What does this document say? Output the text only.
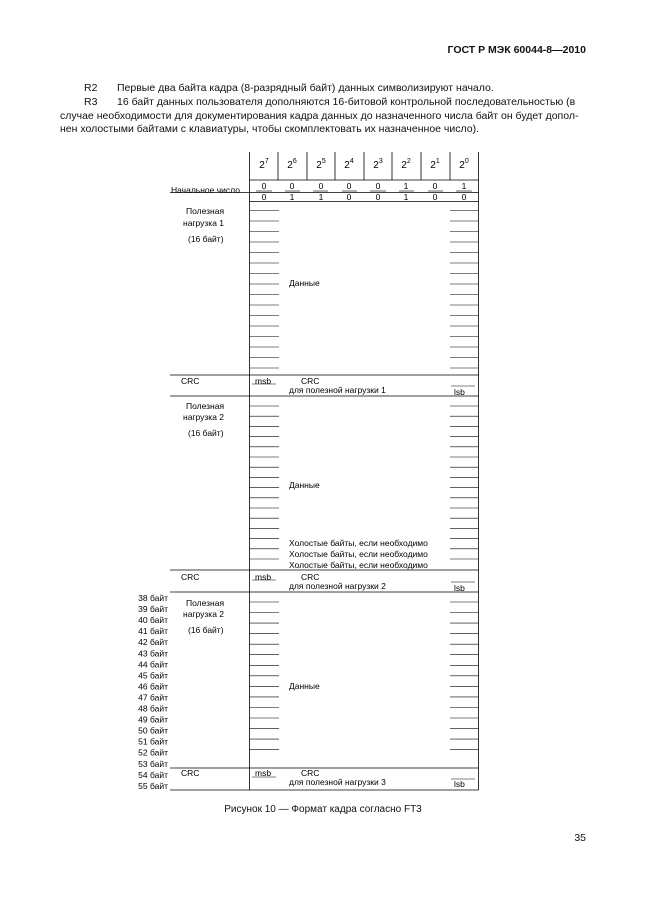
ГОСТ Р МЭК 60044-8—2010
R2 Первые два байта кадра (8-разрядный байт) данных символизируют начало.
R3 16 байт данных пользователя дополняются 16-битовой контрольной последовательностью (в
случае необходимости для документирования кадра данных до назначенного числа байт он будет допол-
нен холостыми байтами с клавиатуры, чтобы скомплектовать их назначенное число).
$2^7$ $2^6$ $2^5$ $2^4$ $2^3$ $2^2$ $2^1$ $2^0$
Начальное число	0	0	0	0	0	1	0	1
0	1	1	0	0	1	0	0
Полезная
нагрузка 1
(16 байт)
Данные
CRC	msb	CRC
для полезной нагрузки 1	lsb
Полезная
нагрузка 2
(16 байт)
Данные
Холостые байты, если необходимо
Холостые байты, если необходимо
Холостые байты, если необходимо
CRC	msb	CRC
для полезной нагрузки 2	lsb
Полезная
нагрузка 2
(16 байт)
Данные
CRC	msb	CRC
для полезной нагрузки 3	lsb
38 байт
39 байт
40 байт
41 байт
42 байт
43 байт
44 байт
45 байт
46 байт
47 байт
48 байт
49 байт
50 байт
51 байт
52 байт
53 байт
54 байт
55 байт
Рисунок 10 — Формат кадра согласно FT3
35
